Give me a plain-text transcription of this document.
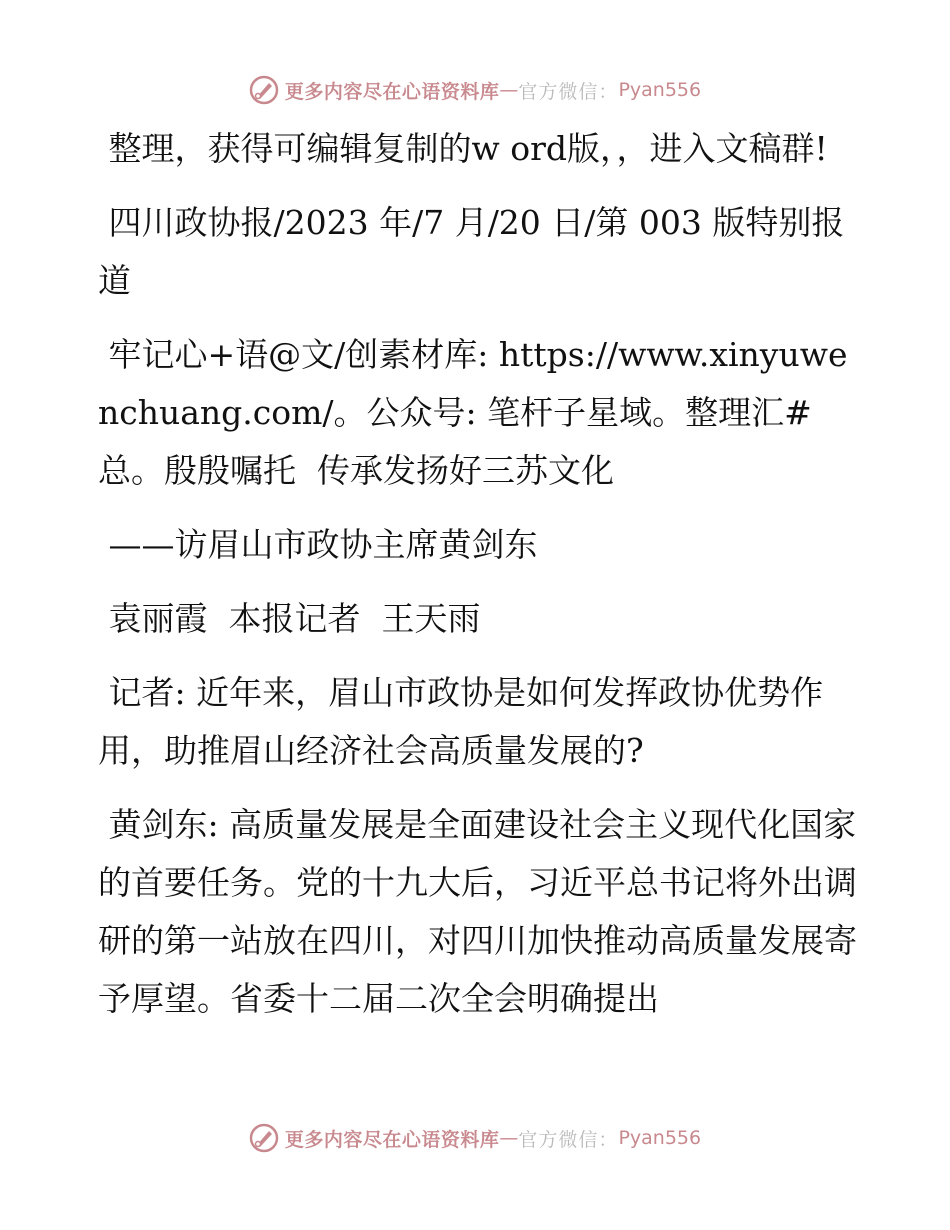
更多内容尽在心语资料库 — 官方微信： Pyan556

整理，获得可编辑复制的w ord版，，进入文稿群!

四川政协报/2023 年/7 月/20 日/第 003 版特别报道

牢记心+语@文/创素材库: https://www.xinyuwenchuang.com/。公众号: 笔杆子星域。整理汇#总。殷殷嘱托  传承发扬好三苏文化

——访眉山市政协主席黄剑东

袁丽霞  本报记者  王天雨

记者: 近年来，眉山市政协是如何发挥政协优势作用，助推眉山经济社会高质量发展的?

黄剑东: 高质量发展是全面建设社会主义现代化国家的首要任务。党的十九大后，习近平总书记将外出调研的第一站放在四川，对四川加快推动高质量发展寄予厚望。省委十二届二次全会明确提出

更多内容尽在心语资料库 — 官方微信： Pyan556
